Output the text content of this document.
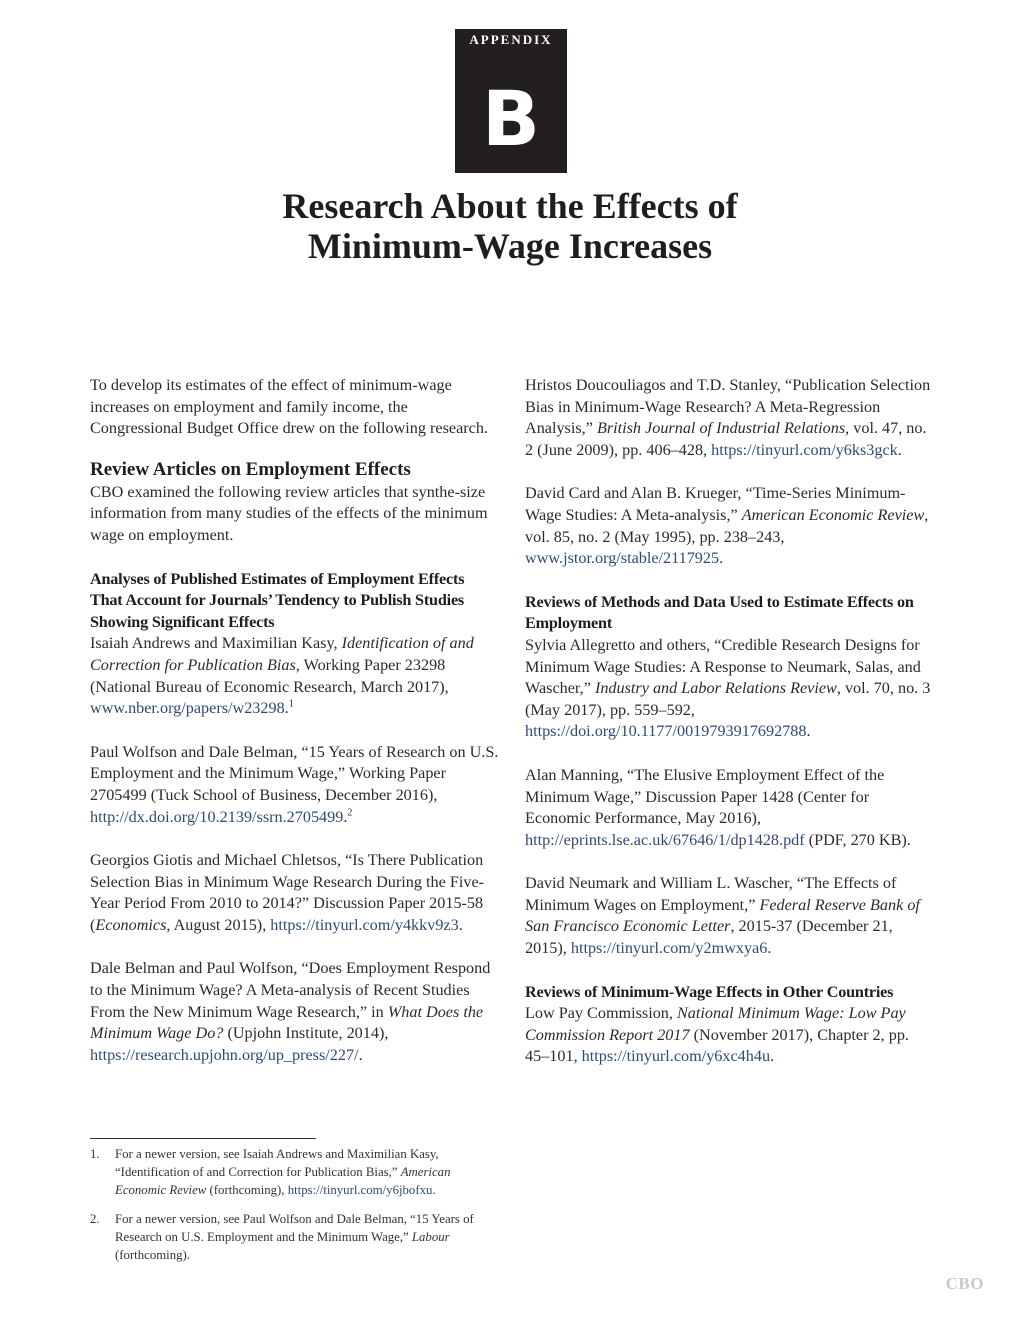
APPENDIX
B
Research About the Effects of
Minimum-Wage Increases

To develop its estimates of the effect of minimum-wage increases on employment and family income, the Congressional Budget Office drew on the following research.

Review Articles on Employment Effects

CBO examined the following review articles that synthe-size information from many studies of the effects of the minimum wage on employment.

Analyses of Published Estimates of Employment Effects That Account for Journals’ Tendency to Publish Studies Showing Significant Effects

Isaiah Andrews and Maximilian Kasy, Identification of and Correction for Publication Bias, Working Paper 23298 (National Bureau of Economic Research, March 2017), www.nber.org/papers/w23298.$^1$

Paul Wolfson and Dale Belman, “15 Years of Research on U.S. Employment and the Minimum Wage,” Working Paper 2705499 (Tuck School of Business, December 2016), http://dx.doi.org/10.2139/ssrn.2705499.$^2$

Georgios Giotis and Michael Chletsos, “Is There Publication Selection Bias in Minimum Wage Research During the Five-Year Period From 2010 to 2014?” Discussion Paper 2015-58 (Economics, August 2015), https://tinyurl.com/y4kkv9z3.

Dale Belman and Paul Wolfson, “Does Employment Respond to the Minimum Wage? A Meta-analysis of Recent Studies From the New Minimum Wage Research,” in What Does the Minimum Wage Do? (Upjohn Institute, 2014), https://research.upjohn.org/up_press/227/.

Hristos Doucouliagos and T.D. Stanley, “Publication Selection Bias in Minimum-Wage Research? A Meta-Regression Analysis,” British Journal of Industrial Relations, vol. 47, no. 2 (June 2009), pp. 406–428, https://tinyurl.com/y6ks3gck.

David Card and Alan B. Krueger, “Time-Series Minimum-Wage Studies: A Meta-analysis,” American Economic Review, vol. 85, no. 2 (May 1995), pp. 238–243, www.jstor.org/stable/2117925.

Reviews of Methods and Data Used to Estimate Effects on Employment

Sylvia Allegretto and others, “Credible Research Designs for Minimum Wage Studies: A Response to Neumark, Salas, and Wascher,” Industry and Labor Relations Review, vol. 70, no. 3 (May 2017), pp. 559–592, https://doi.org/10.1177/0019793917692788.

Alan Manning, “The Elusive Employment Effect of the Minimum Wage,” Discussion Paper 1428 (Center for Economic Performance, May 2016), http://eprints.lse.ac.uk/67646/1/dp1428.pdf (PDF, 270 KB).

David Neumark and William L. Wascher, “The Effects of Minimum Wages on Employment,” Federal Reserve Bank of San Francisco Economic Letter, 2015-37 (December 21, 2015), https://tinyurl.com/y2mwxya6.

Reviews of Minimum-Wage Effects in Other Countries

Low Pay Commission, National Minimum Wage: Low Pay Commission Report 2017 (November 2017), Chapter 2, pp. 45–101, https://tinyurl.com/y6xc4h4u.

1. For a newer version, see Isaiah Andrews and Maximilian Kasy, “Identification of and Correction for Publication Bias,” American Economic Review (forthcoming), https://tinyurl.com/y6jbofxu.
2. For a newer version, see Paul Wolfson and Dale Belman, “15 Years of Research on U.S. Employment and the Minimum Wage,” Labour (forthcoming).
CBO
